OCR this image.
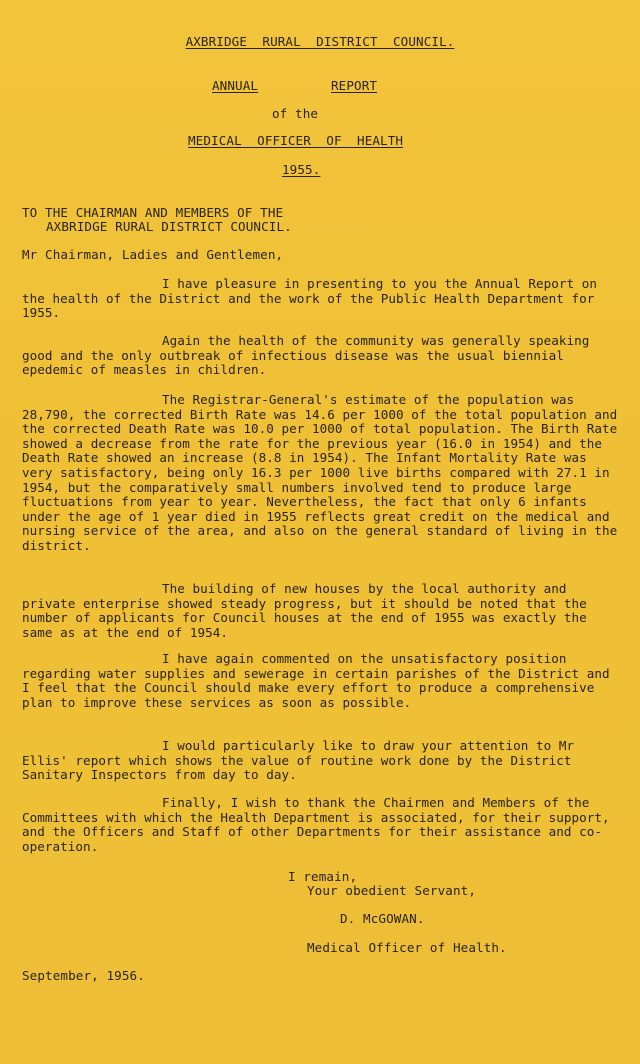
AXBRIDGE  RURAL  DISTRICT  COUNCIL.
ANNUAL	REPORT
of the
MEDICAL  OFFICER  OF  HEALTH
1955.
TO THE CHAIRMAN AND MEMBERS OF THE
AXBRIDGE RURAL DISTRICT COUNCIL.
Mr Chairman, Ladies and Gentlemen,
I have pleasure in presenting to you the Annual Report on the health of the District and the work of the Public Health Department for 1955.
Again the health of the community was generally speaking good and the only outbreak of infectious disease was the usual biennial epedemic of measles in children.
The Registrar-General's estimate of the population was 28,790, the corrected Birth Rate was 14.6 per 1000 of the total population and the corrected Death Rate was 10.0 per 1000 of total population. The Birth Rate showed a decrease from the rate for the previous year (16.0 in 1954) and the Death Rate showed an increase (8.8 in 1954). The Infant Mortality Rate was very satisfactory, being only 16.3 per 1000 live births compared with 27.1 in 1954, but the comparatively small numbers involved tend to produce large fluctuations from year to year. Nevertheless, the fact that only 6 infants under the age of 1 year died in 1955 reflects great credit on the medical and nursing service of the area, and also on the general standard of living in the district.
The building of new houses by the local authority and private enterprise showed steady progress, but it should be noted that the number of applicants for Council houses at the end of 1955 was exactly the same as at the end of 1954.
I have again commented on the unsatisfactory position regarding water supplies and sewerage in certain parishes of the District and I feel that the Council should make every effort to produce a comprehensive plan to improve these services as soon as possible.
I would particularly like to draw your attention to Mr Ellis' report which shows the value of routine work done by the District Sanitary Inspectors from day to day.
Finally, I wish to thank the Chairmen and Members of the Committees with which the Health Department is associated, for their support, and the Officers and Staff of other Departments for their assistance and co-operation.
I remain,
Your obedient Servant,
D. McGOWAN.
Medical Officer of Health.
September, 1956.
